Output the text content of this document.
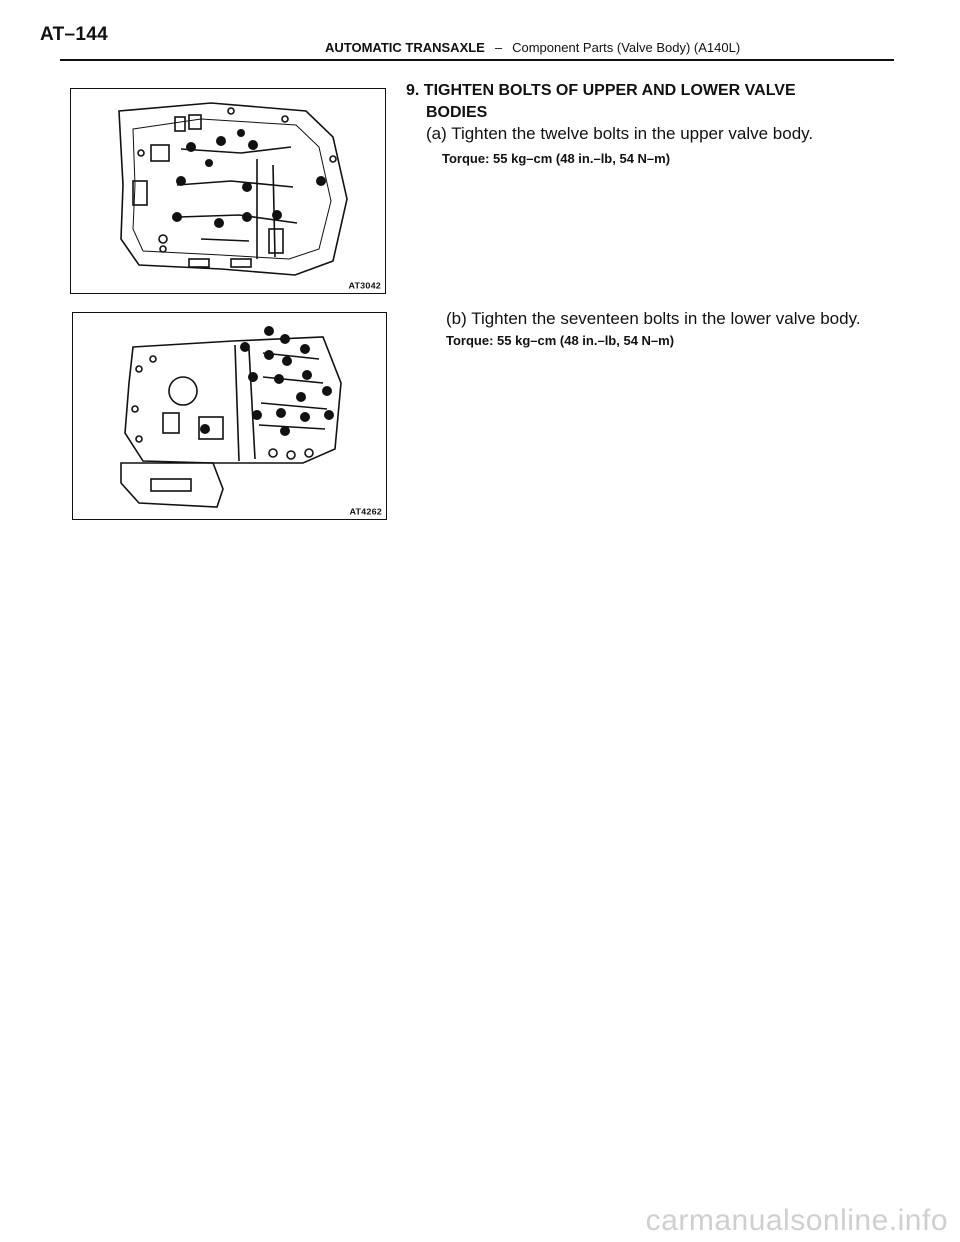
AT–144
AUTOMATIC TRANSAXLE – Component Parts (Valve Body) (A140L)
AT3042
AT4262
9. TIGHTEN BOLTS OF UPPER AND LOWER VALVE
BODIES
(a) Tighten the twelve bolts in the upper valve body.
Torque: 55 kg–cm (48 in.–lb, 54 N–m)
(b) Tighten the seventeen bolts in the lower valve body.
Torque: 55 kg–cm (48 in.–lb, 54 N–m)
carmanualsonline.info
